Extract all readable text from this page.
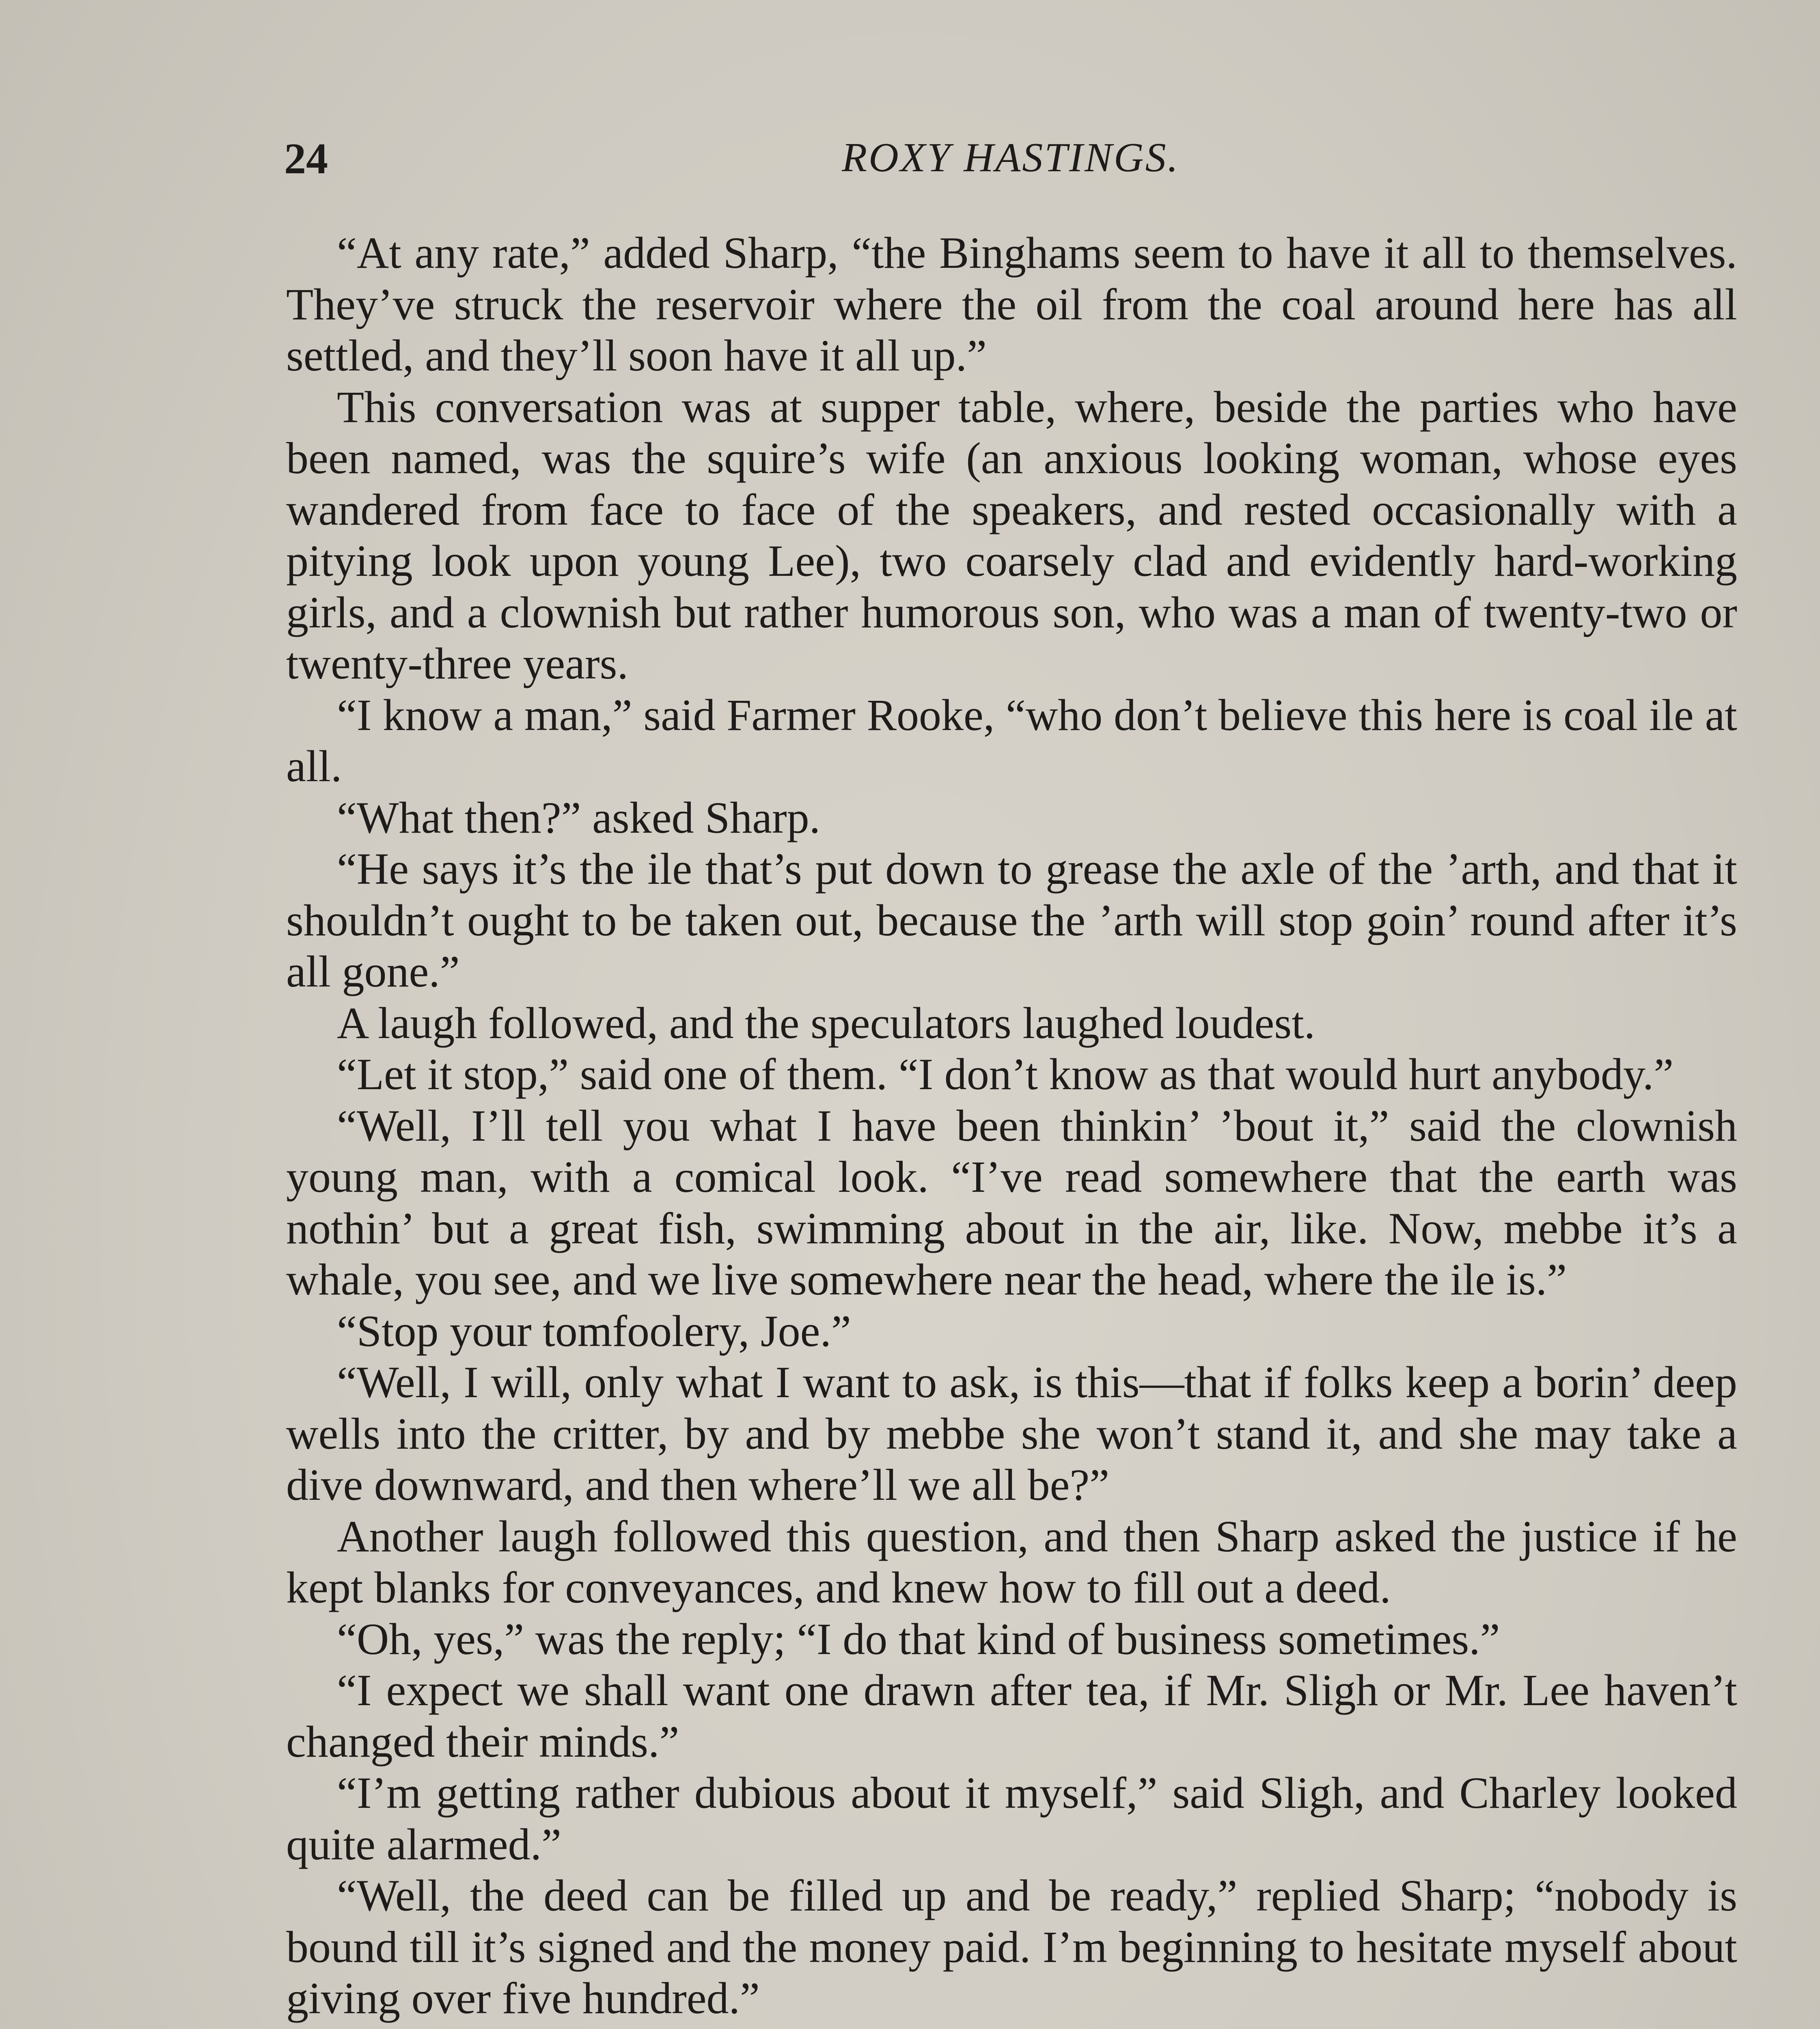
24	ROXY HASTINGS.

“At any rate,” added Sharp, “the Binghams seem to have it all to themselves. They’ve struck the reservoir where the oil from the coal around here has all settled, and they’ll soon have it all up.”

This conversation was at supper table, where, beside the parties who have been named, was the squire’s wife (an anxious looking woman, whose eyes wandered from face to face of the speakers, and rested occasionally with a pitying look upon young Lee), two coarsely clad and evidently hard-working girls, and a clownish but rather humorous son, who was a man of twenty-two or twenty-three years.

“I know a man,” said Farmer Rooke, “who don’t believe this here is coal ile at all.

“What then?” asked Sharp.

“He says it’s the ile that’s put down to grease the axle of the ’arth, and that it shouldn’t ought to be taken out, because the ’arth will stop goin’ round after it’s all gone.”

A laugh followed, and the speculators laughed loudest.

“Let it stop,” said one of them. “I don’t know as that would hurt anybody.”

“Well, I’ll tell you what I have been thinkin’ ’bout it,” said the clownish young man, with a comical look. “I’ve read somewhere that the earth was nothin’ but a great fish, swimming about in the air, like. Now, mebbe it’s a whale, you see, and we live somewhere near the head, where the ile is.”

“Stop your tomfoolery, Joe.”

“Well, I will, only what I want to ask, is this—that if folks keep a borin’ deep wells into the critter, by and by mebbe she won’t stand it, and she may take a dive downward, and then where’ll we all be?”

Another laugh followed this question, and then Sharp asked the justice if he kept blanks for conveyances, and knew how to fill out a deed.

“Oh, yes,” was the reply; “I do that kind of business sometimes.”

“I expect we shall want one drawn after tea, if Mr. Sligh or Mr. Lee haven’t changed their minds.”

“I’m getting rather dubious about it myself,” said Sligh, and Charley looked quite alarmed.”

“Well, the deed can be filled up and be ready,” replied Sharp; “nobody is bound till it’s signed and the money paid. I’m beginning to hesitate myself about giving over five hundred.”
